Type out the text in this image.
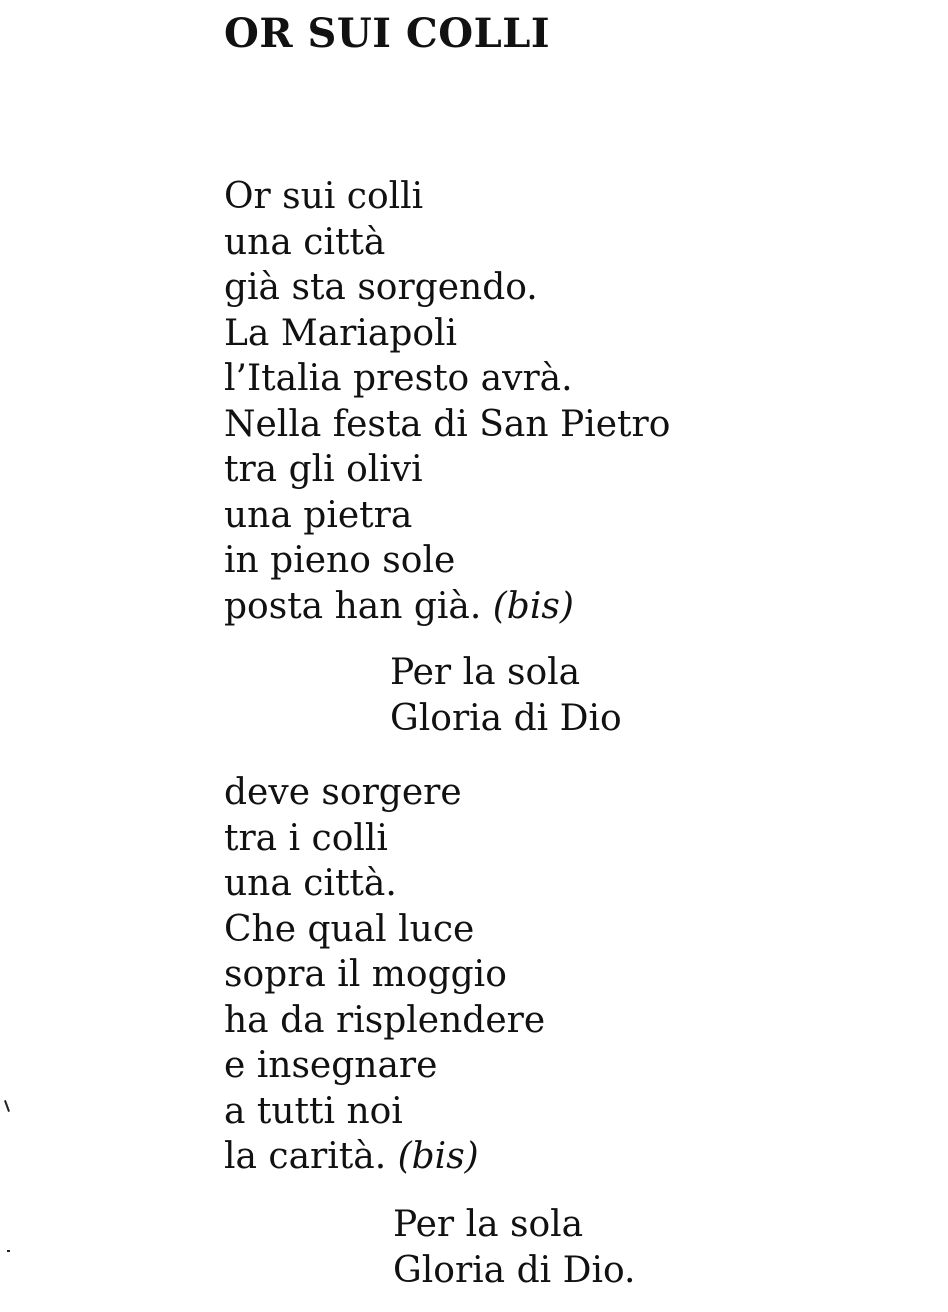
OR SUI COLLI
Or sui colli
una città
già sta sorgendo.
La Mariapoli
l’Italia presto avrà.
Nella festa di San Pietro
tra gli olivi
una pietra
in pieno sole
posta han già. (bis)
Per la sola
Gloria di Dio
deve sorgere
tra i colli
una città.
Che qual luce
sopra il moggio
ha da risplendere
e insegnare
a tutti noi
la carità. (bis)
Per la sola
Gloria di Dio.
